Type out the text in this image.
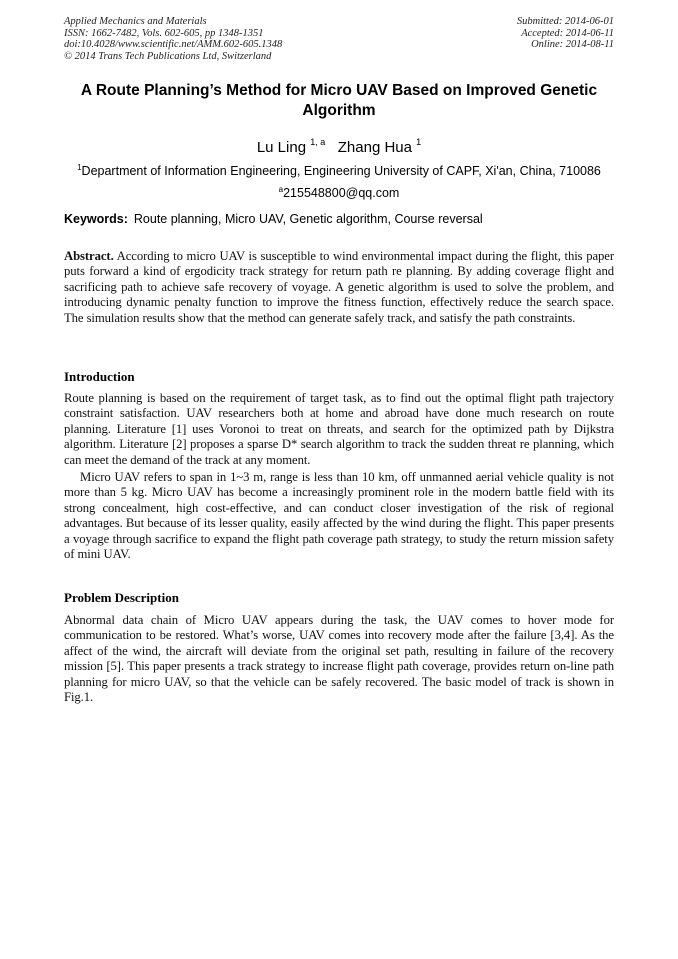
Applied Mechanics and Materials
ISSN: 1662-7482, Vols. 602-605, pp 1348-1351
doi:10.4028/www.scientific.net/AMM.602-605.1348
© 2014 Trans Tech Publications Ltd, Switzerland
Submitted: 2014-06-01
Accepted: 2014-06-11
Online: 2014-08-11
A Route Planning’s Method for Micro UAV Based on Improved Genetic Algorithm
Lu Ling $^{1, a}$ Zhang Hua $^1$
$^1$Department of Information Engineering, Engineering University of CAPF, Xi'an, China, 710086
$^a$215548800@qq.com
Keywords: Route planning, Micro UAV, Genetic algorithm, Course reversal
Abstract. According to micro UAV is susceptible to wind environmental impact during the flight, this paper puts forward a kind of ergodicity track strategy for return path re planning. By adding coverage flight and sacrificing path to achieve safe recovery of voyage. A genetic algorithm is used to solve the problem, and introducing dynamic penalty function to improve the fitness function, effectively reduce the search space. The simulation results show that the method can generate safely track, and satisfy the path constraints.
Introduction
Route planning is based on the requirement of target task, as to find out the optimal flight path trajectory constraint satisfaction. UAV researchers both at home and abroad have done much research on route planning. Literature [1] uses Voronoi to treat on threats, and search for the optimized path by Dijkstra algorithm. Literature [2] proposes a sparse D* search algorithm to track the sudden threat re planning, which can meet the demand of the track at any moment.
Micro UAV refers to span in 1~3 m, range is less than 10 km, off unmanned aerial vehicle quality is not more than 5 kg. Micro UAV has become a increasingly prominent role in the modern battle field with its strong concealment, high cost-effective, and can conduct closer investigation of the risk of regional advantages. But because of its lesser quality, easily affected by the wind during the flight. This paper presents a voyage through sacrifice to expand the flight path coverage path strategy, to study the return mission safety of mini UAV.
Problem Description
Abnormal data chain of Micro UAV appears during the task, the UAV comes to hover mode for communication to be restored. What’s worse, UAV comes into recovery mode after the failure [3,4]. As the affect of the wind, the aircraft will deviate from the original set path, resulting in failure of the recovery mission [5]. This paper presents a track strategy to increase flight path coverage, provides return on-line path planning for micro UAV, so that the vehicle can be safely recovered. The basic model of track is shown in Fig.1.
